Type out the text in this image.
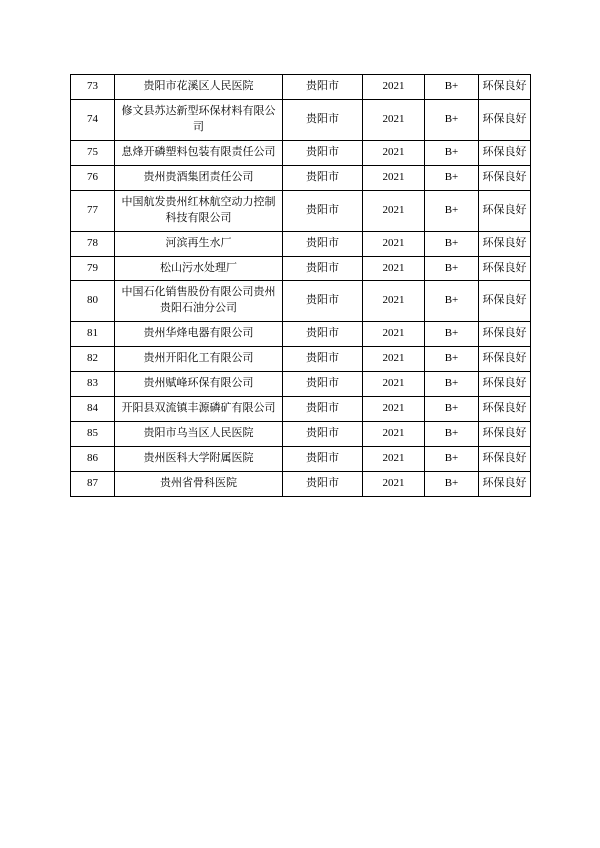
73	贵阳市花溪区人民医院	贵阳市	2021	B+	环保良好
74	修文县苏达新型环保材料有限公司	贵阳市	2021	B+	环保良好
75	息烽开磷塑料包装有限责任公司	贵阳市	2021	B+	环保良好
76	贵州贵酒集团责任公司	贵阳市	2021	B+	环保良好
77	中国航发贵州红林航空动力控制科技有限公司	贵阳市	2021	B+	环保良好
78	河滨再生水厂	贵阳市	2021	B+	环保良好
79	松山污水处理厂	贵阳市	2021	B+	环保良好
80	中国石化销售股份有限公司贵州贵阳石油分公司	贵阳市	2021	B+	环保良好
81	贵州华烽电器有限公司	贵阳市	2021	B+	环保良好
82	贵州开阳化工有限公司	贵阳市	2021	B+	环保良好
83	贵州赋峰环保有限公司	贵阳市	2021	B+	环保良好
84	开阳县双流镇丰源磷矿有限公司	贵阳市	2021	B+	环保良好
85	贵阳市乌当区人民医院	贵阳市	2021	B+	环保良好
86	贵州医科大学附属医院	贵阳市	2021	B+	环保良好
87	贵州省骨科医院	贵阳市	2021	B+	环保良好
